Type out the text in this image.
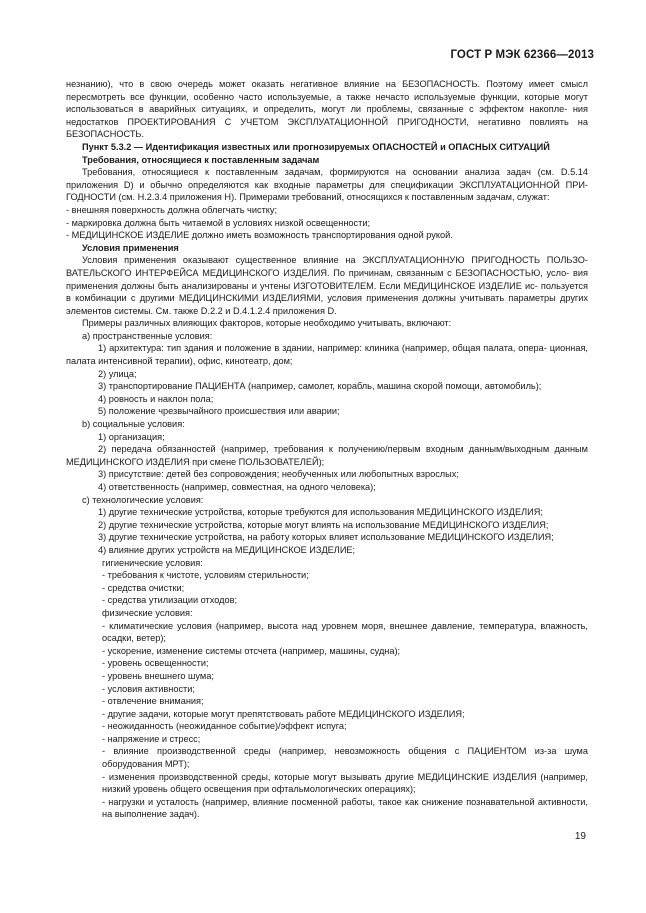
ГОСТ Р МЭК 62366—2013

незнанию), что в свою очередь может оказать негативное влияние на БЕЗОПАСНОСТЬ. Поэтому имеет смысл пересмотреть все функции, особенно часто используемые, а также нечасто используемые функции, которые могут использоваться в аварийных ситуациях, и определить, могут ли проблемы, связанные с эффектом накопле- ния недостатков ПРОЕКТИРОВАНИЯ С УЧЕТОМ ЭКСПЛУАТАЦИОННОЙ ПРИГОДНОСТИ, негативно повлиять на БЕЗОПАСНОСТЬ.

Пункт 5.3.2 — Идентификация известных или прогнозируемых ОПАСНОСТЕЙ и ОПАСНЫХ СИТУАЦИЙ

Требования, относящиеся к поставленным задачам

Требования, относящиеся к поставленным задачам, формируются на основании анализа задач (см. D.5.14 приложения D) и обычно определяются как входные параметры для спецификации ЭКСПЛУАТАЦИОННОЙ ПРИ- ГОДНОСТИ (см. Н.2.3.4 приложения Н). Примерами требований, относящихся к поставленным задачам, служат:

- внешняя поверхность должна облегчать чистку;

- маркировка должна быть читаемой в условиях низкой освещенности;

- МЕДИЦИНСКОЕ ИЗДЕЛИЕ должно иметь возможность транспортирования одной рукой.

Условия применения

Условия применения оказывают существенное влияние на ЭКСПЛУАТАЦИОННУЮ ПРИГОДНОСТЬ ПОЛЬЗО- ВАТЕЛЬСКОГО ИНТЕРФЕЙСА МЕДИЦИНСКОГО ИЗДЕЛИЯ. По причинам, связанным с БЕЗОПАСНОСТЬЮ, усло- вия применения должны быть анализированы и учтены ИЗГОТОВИТЕЛЕМ. Если МЕДИЦИНСКОЕ ИЗДЕЛИЕ ис- пользуется в комбинации с другими МЕДИЦИНСКИМИ ИЗДЕЛИЯМИ, условия применения должны учитывать параметры других элементов системы. См. также D.2.2 и D.4.1.2.4 приложения D.

Примеры различных влияющих факторов, которые необходимо учитывать, включают:

а) пространственные условия:

1) архитектура: тип здания и положение в здании, например: клиника (например, общая палата, опера- ционная, палата интенсивной терапии), офис, кинотеатр, дом;

2) улица;

3) транспортирование ПАЦИЕНТА (например, самолет, корабль, машина скорой помощи, автомобиль);

4) ровность и наклон пола;

5) положение чрезвычайного происшествия или аварии;

b) социальные условия:

1) организация;

2) передача обязанностей (например, требования к получению/первым входным данным/выходным данным МЕДИЦИНСКОГО ИЗДЕЛИЯ при смене ПОЛЬЗОВАТЕЛЕЙ);

3) присутствие: детей без сопровождения; необученных или любопытных взрослых;

4) ответственность (например, совместная, на одного человека);

с) технологические условия:

1) другие технические устройства, которые требуются для использования МЕДИЦИНСКОГО ИЗДЕЛИЯ;

2) другие технические устройства, которые могут влиять на использование МЕДИЦИНСКОГО ИЗДЕЛИЯ;

3) другие технические устройства, на работу которых влияет использование МЕДИЦИНСКОГО ИЗДЕЛИЯ;

4) влияние других устройств на МЕДИЦИНСКОЕ ИЗДЕЛИЕ;

гигиенические условия:

- требования к чистоте, условиям стерильности;

- средства очистки;

- средства утилизации отходов;

физические условия:

- климатические условия (например, высота над уровнем моря, внешнее давление, температура, влажность, осадки, ветер);
- ускорение, изменение системы отсчета (например, машины, судна);
- уровень освещенности;
- уровень внешнего шума;
- условия активности;
- отвлечение внимания;
- другие задачи, которые могут препятствовать работе МЕДИЦИНСКОГО ИЗДЕЛИЯ;
- неожиданность (неожиданное событие)/эффект испуга;
- напряжение и стресс;
- влияние производственной среды (например, невозможность общения с ПАЦИЕНТОМ из-за шума оборудования МРТ);
- изменения производственной среды, которые могут вызывать другие МЕДИЦИНСКИЕ ИЗДЕЛИЯ (например, низкий уровень общего освещения при офтальмологических операциях);
- нагрузки и усталость (например, влияние посменной работы, такое как снижение познавательной активности, на выполнение задач).
19
